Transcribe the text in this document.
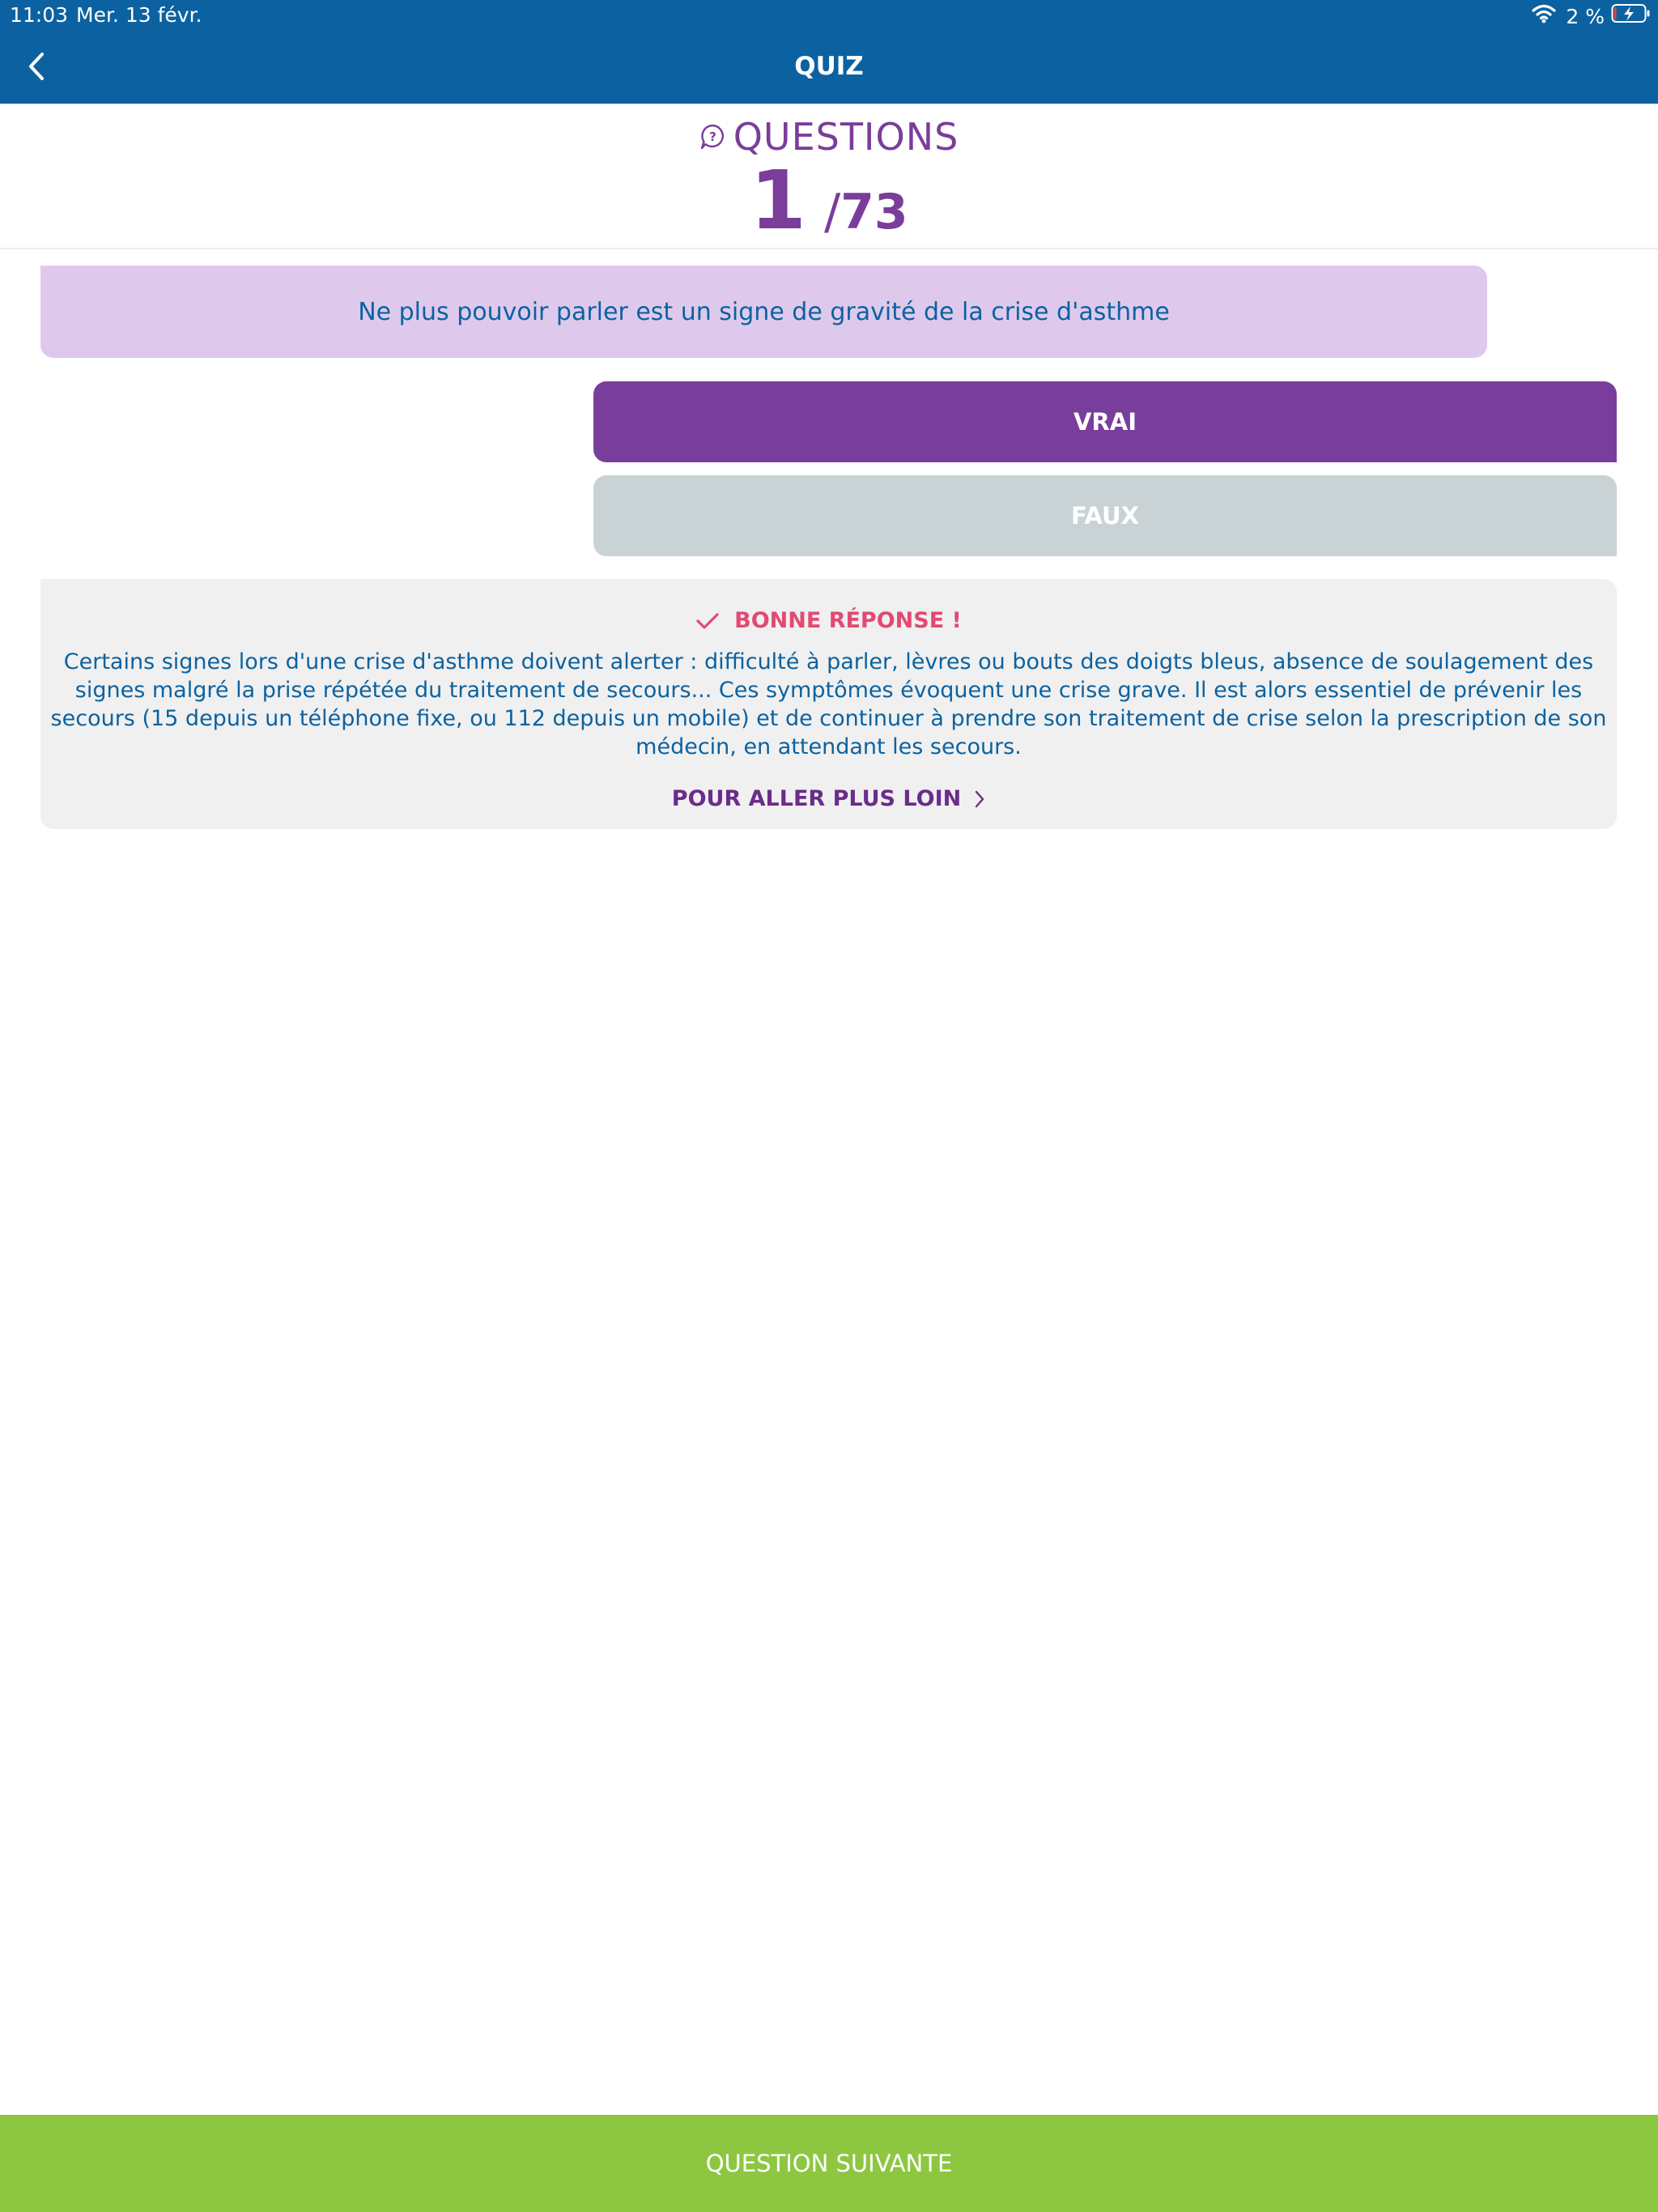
11:03 Mer. 13 févr.	2 %
QUIZ
? QUESTIONS
1 / 73
Ne plus pouvoir parler est un signe de gravité de la crise d'asthme
VRAI
FAUX
BONNE RÉPONSE !
Certains signes lors d'une crise d'asthme doivent alerter : difficulté à parler, lèvres ou bouts des doigts bleus, absence de soulagement des signes malgré la prise répétée du traitement de secours... Ces symptômes évoquent une crise grave. Il est alors essentiel de prévenir les secours (15 depuis un téléphone fixe, ou 112 depuis un mobile) et de continuer à prendre son traitement de crise selon la prescription de son médecin, en attendant les secours.
POUR ALLER PLUS LOIN
QUESTION SUIVANTE
